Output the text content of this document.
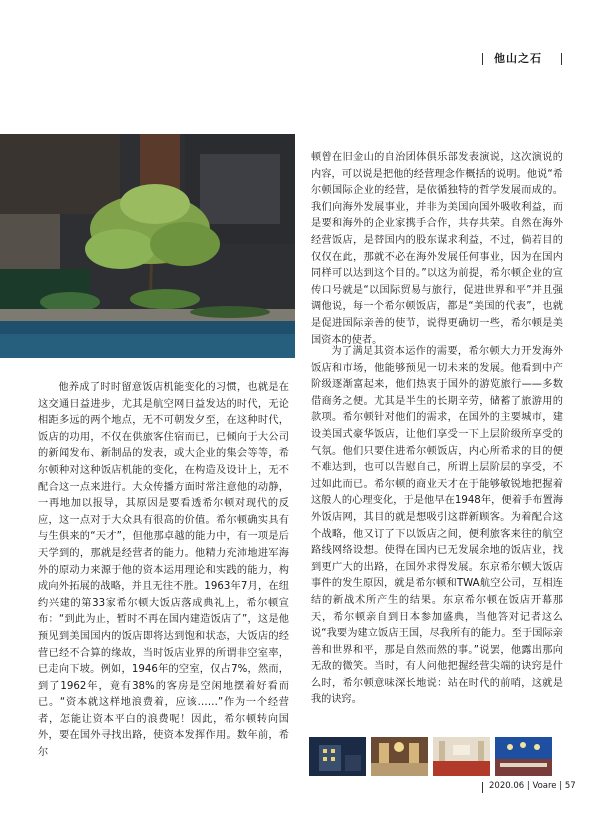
他山之石

他养成了时时留意饭店机能变化的习惯，也就是在这交通日益进步，尤其是航空网日益发达的时代，无论相距多远的两个地点，无不可朝发夕至，在这种时代，饭店的功用，不仅在供旅客住宿而已，已倾向于大公司的新闻发布、新制品的发表，或大企业的集会等等，希尔顿种对这种饭店机能的变化，在构造及设计上，无不配合这一点来进行。大众传播方面时常注意他的动静，一再地加以报导，其原因是要看透希尔顿对现代的反应，这一点对于大众具有很高的价值。希尔顿确实具有与生俱来的“天才”，但他那卓越的能力中，有一项是后天学到的，那就是经营者的能力。他精力充沛地进军海外的原动力来源于他的资本运用理论和实践的能力，构成向外拓展的战略，并且无往不胜。1963年7月，在纽约兴建的第33家希尔顿大饭店落成典礼上，希尔顿宣布：“到此为止，暂时不再在国内建造饭店了”，这是他预见到美国国内的饭店即将达到饱和状态，大饭店的经营已经不合算的缘故，当时饭店业界的所谓非空室率，已走向下坡。例如，1946年的空室，仅占7%，然而，到了1962年，竟有38%的客房是空闲地摆着好看而已。“资本就这样地浪费着，应该……”作为一个经营者，怎能让资本平白的浪费呢！因此，希尔顿转向国外，要在国外寻找出路，使资本发挥作用。数年前，希尔

顿曾在旧金山的自治团体俱乐部发表演说，这次演说的内容，可以说是把他的经营理念作概括的说明。他说“希尔顿国际企业的经营，是依循独特的哲学发展而成的。我们向海外发展事业，并非为美国向国外吸收利益，而是要和海外的企业家携手合作，共存共荣。自然在海外经营饭店，是替国内的股东谋求利益，不过，倘若目的仅仅在此，那就不必在海外发展任何事业，因为在国内同样可以达到这个目的。”以这为前提，希尔顿企业的宣传口号就是“以国际贸易与旅行，促进世界和平”并且强调他说，每一个希尔顿饭店，都是“美国的代表”，也就是促进国际亲善的使节，说得更确切一些，希尔顿是美国资本的使者。

为了满足其资本运作的需要，希尔顿大力开发海外饭店和市场，他能够预见一切未来的发展。他看到中产阶级逐渐富起来，他们热衷于国外的游览旅行——多数借商务之便。尤其是半生的长期辛劳，储蓄了旅游用的款项。希尔顿针对他们的需求，在国外的主要城市，建设美国式豪华饭店，让他们享受一下上层阶级所享受的气氛。他们只要住进希尔顿饭店，内心所希求的目的便不难达到，也可以告慰自己，所谓上层阶层的享受，不过如此而已。希尔顿的商业天才在于能够敏锐地把握着这般人的心理变化，于是他早在1948年，便着手布置海外饭店网，其目的就是想吸引这群新顾客。为着配合这个战略，他又订了下以饭店之间，便利旅客来往的航空路线网络设想。使得在国内已无发展余地的饭店业，找到更广大的出路，在国外求得发展。东京希尔顿大饭店事件的发生原因，就是希尔顿和TWA航空公司，互相连结的新战术所产生的结果。东京希尔顿在饭店开幕那天，希尔顿亲自到日本参加盛典，当他答对记者这么说“我要为建立饭店王国，尽我所有的能力。至于国际亲善和世界和平，那是自然而然的事。”说罢，他露出那向无敌的微笑。当时，有人问他把握经营尖端的诀窍是什么时，希尔顿意味深长地说：站在时代的前哨，这就是我的诀窍。

2020.06 | Voare | 57
